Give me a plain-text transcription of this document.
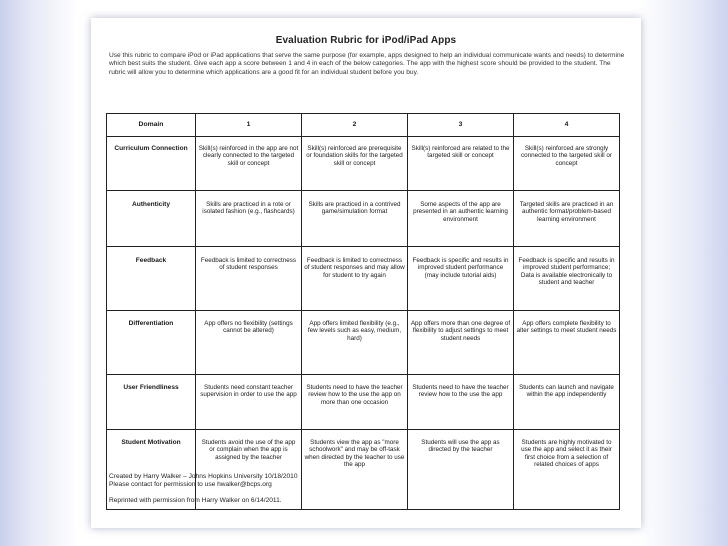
Evaluation Rubric for iPod/iPad Apps
Use this rubric to compare iPod or iPad applications that serve the same purpose (for example, apps designed to help an individual communicate wants and needs) to determine which best suits the student. Give each app a score between 1 and 4 in each of the below categories. The app with the highest score should be provided to the student. The rubric will allow you to determine which applications are a good fit for an individual student before you buy.
Domain	1	2	3	4
Curriculum Connection	Skill(s) reinforced in the app are not clearly connected to the targeted skill or concept	Skill(s) reinforced are prerequisite or foundation skills for the targeted skill or concept	Skill(s) reinforced are related to the targeted skill or concept	Skill(s) reinforced are strongly connected to the targeted skill or concept
Authenticity	Skills are practiced in a rote or isolated fashion (e.g., flashcards)	Skills are practiced in a contrived game/simulation format	Some aspects of the app are presented in an authentic learning environment	Targeted skills are practiced in an authentic format/problem-based learning environment
Feedback	Feedback is limited to correctness of student responses	Feedback is limited to correctness of student responses and may allow for student to try again	Feedback is specific and results in improved student performance (may include tutorial aids)	Feedback is specific and results in improved student performance; Data is available electronically to student and teacher
Differentiation	App offers no flexibility (settings cannot be altered)	App offers limited flexibility (e.g., few levels such as easy, medium, hard)	App offers more than one degree of flexibility to adjust settings to meet student needs	App offers complete flexibility to alter settings to meet student needs
User Friendliness	Students need constant teacher supervision in order to use the app	Students need to have the teacher review how to the use the app on more than one occasion	Students need to have the teacher review how to the use the app	Students can launch and navigate within the app independently
Student Motivation	Students avoid the use of the app or complain when the app is assigned by the teacher	Students view the app as "more schoolwork" and may be off-task when directed by the teacher to use the app	Students will use the app as directed by the teacher	Students are highly motivated to use the app and select it as their first choice from a selection of related choices of apps
Created by Harry Walker – Johns Hopkins University 10/18/2010
Please contact for permission to use hwalker@bcps.org
Reprinted with permission from Harry Walker on 6/14/2011.
